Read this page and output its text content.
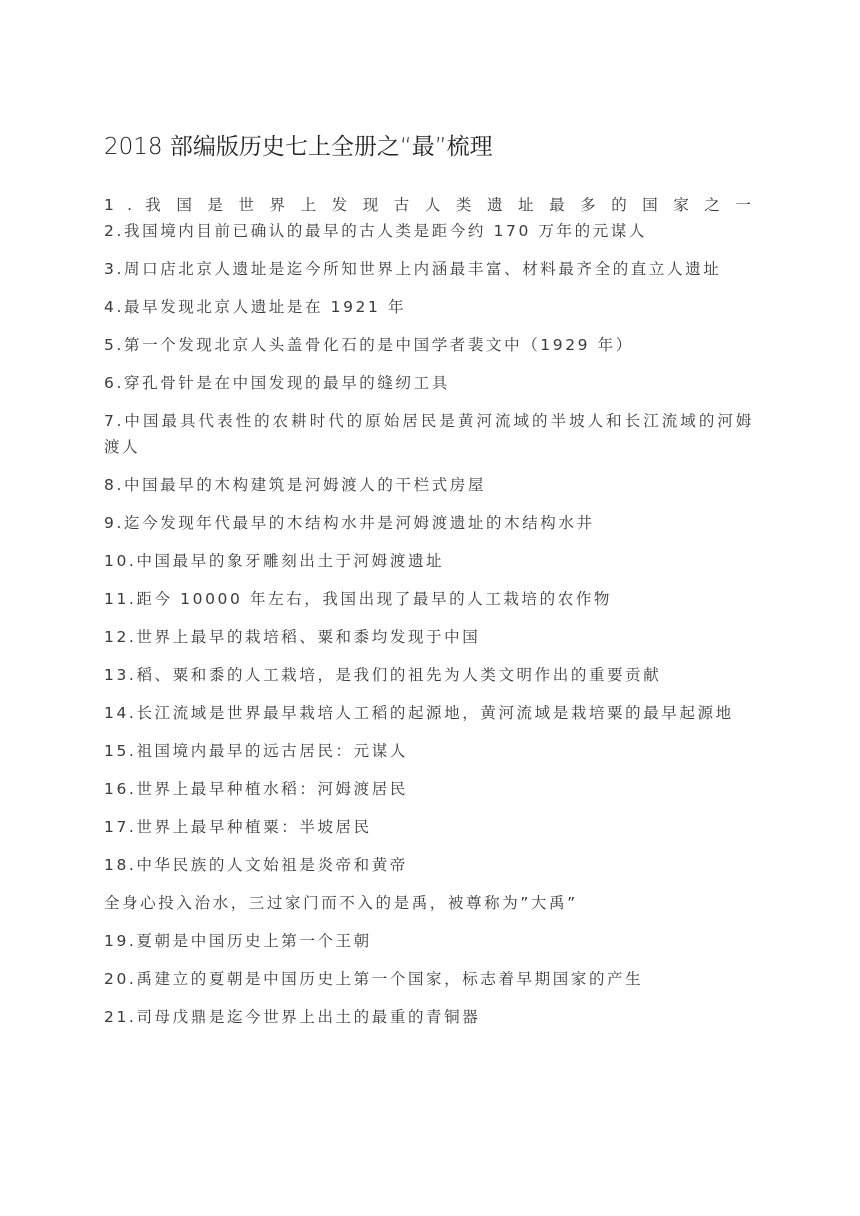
2018 部编版历史七上全册之“最”梳理
1 . 我 国 是 世 界 上 发 现 古 人 类 遗 址 最 多 的 国 家 之 一
2.我国境内目前已确认的最早的古人类是距今约 170 万年的元谋人
3.周口店北京人遗址是迄今所知世界上内涵最丰富、材料最齐全的直立人遗址
4.最早发现北京人遗址是在 1921 年
5.第一个发现北京人头盖骨化石的是中国学者裴文中（1929 年）
6.穿孔骨针是在中国发现的最早的缝纫工具
7.中国最具代表性的农耕时代的原始居民是黄河流域的半坡人和长江流域的河姆渡人
8.中国最早的木构建筑是河姆渡人的干栏式房屋
9.迄今发现年代最早的木结构水井是河姆渡遗址的木结构水井
10.中国最早的象牙雕刻出土于河姆渡遗址
11.距今 10000 年左右，我国出现了最早的人工栽培的农作物
12.世界上最早的栽培稻、粟和黍均发现于中国
13.稻、粟和黍的人工栽培，是我们的祖先为人类文明作出的重要贡献
14.长江流域是世界最早栽培人工稻的起源地，黄河流域是栽培粟的最早起源地
15.祖国境内最早的远古居民：元谋人
16.世界上最早种植水稻：河姆渡居民
17.世界上最早种植粟：半坡居民
18.中华民族的人文始祖是炎帝和黄帝
全身心投入治水，三过家门而不入的是禹，被尊称为”大禹”
19.夏朝是中国历史上第一个王朝
20.禹建立的夏朝是中国历史上第一个国家，标志着早期国家的产生
21.司母戊鼎是迄今世界上出土的最重的青铜器
